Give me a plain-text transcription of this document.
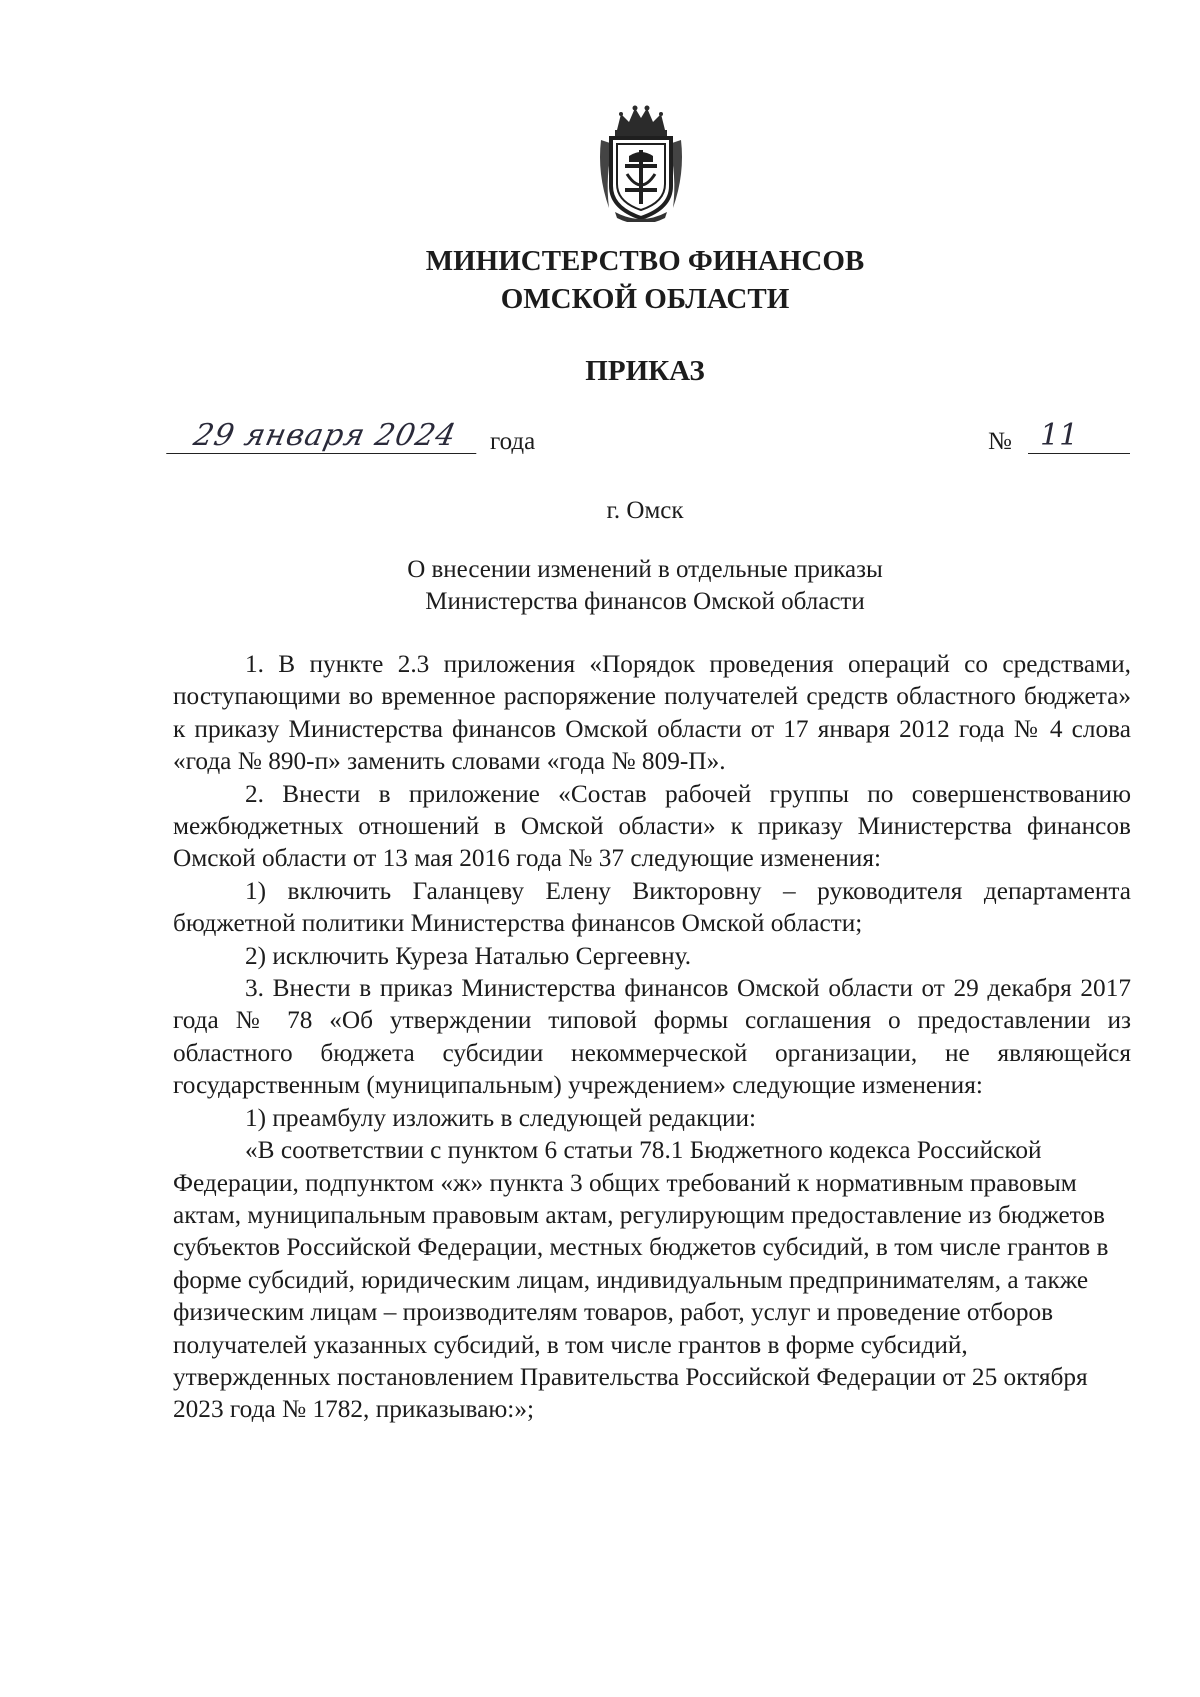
МИНИСТЕРСТВО ФИНАНСОВ
ОМСКОЙ ОБЛАСТИ
ПРИКАЗ
29 января 2024	года	№ 11
г. Омск
О внесении изменений в отдельные приказы
Министерства финансов Омской области

1. В пункте 2.3 приложения «Порядок проведения операций со средствами, поступающими во временное распоряжение получателей средств областного бюджета» к приказу Министерства финансов Омской области от 17 января 2012 года № 4 слова «года № 890-п» заменить словами «года № 809-П».

2. Внести в приложение «Состав рабочей группы по совершенствованию межбюджетных отношений в Омской области» к приказу Министерства финансов Омской области от 13 мая 2016 года № 37 следующие изменения:

1) включить Галанцеву Елену Викторовну – руководителя департамента бюджетной политики Министерства финансов Омской области;

2) исключить Куреза Наталью Сергеевну.

3. Внести в приказ Министерства финансов Омской области от 29 декабря 2017 года № 78 «Об утверждении типовой формы соглашения о предоставлении из областного бюджета субсидии некоммерческой организации, не являющейся государственным (муниципальным) учреждением» следующие изменения:

1) преамбулу изложить в следующей редакции:

«В соответствии с пунктом 6 статьи 78.1 Бюджетного кодекса Российской Федерации, подпунктом «ж» пункта 3 общих требований к нормативным правовым актам, муниципальным правовым актам, регулирующим предоставление из бюджетов субъектов Российской Федерации, местных бюджетов субсидий, в том числе грантов в форме субсидий, юридическим лицам, индивидуальным предпринимателям, а также физическим лицам – производителям товаров, работ, услуг и проведение отборов получателей указанных субсидий, в том числе грантов в форме субсидий, утвержденных постановлением Правительства Российской Федерации от 25 октября 2023 года № 1782, приказываю:»;
